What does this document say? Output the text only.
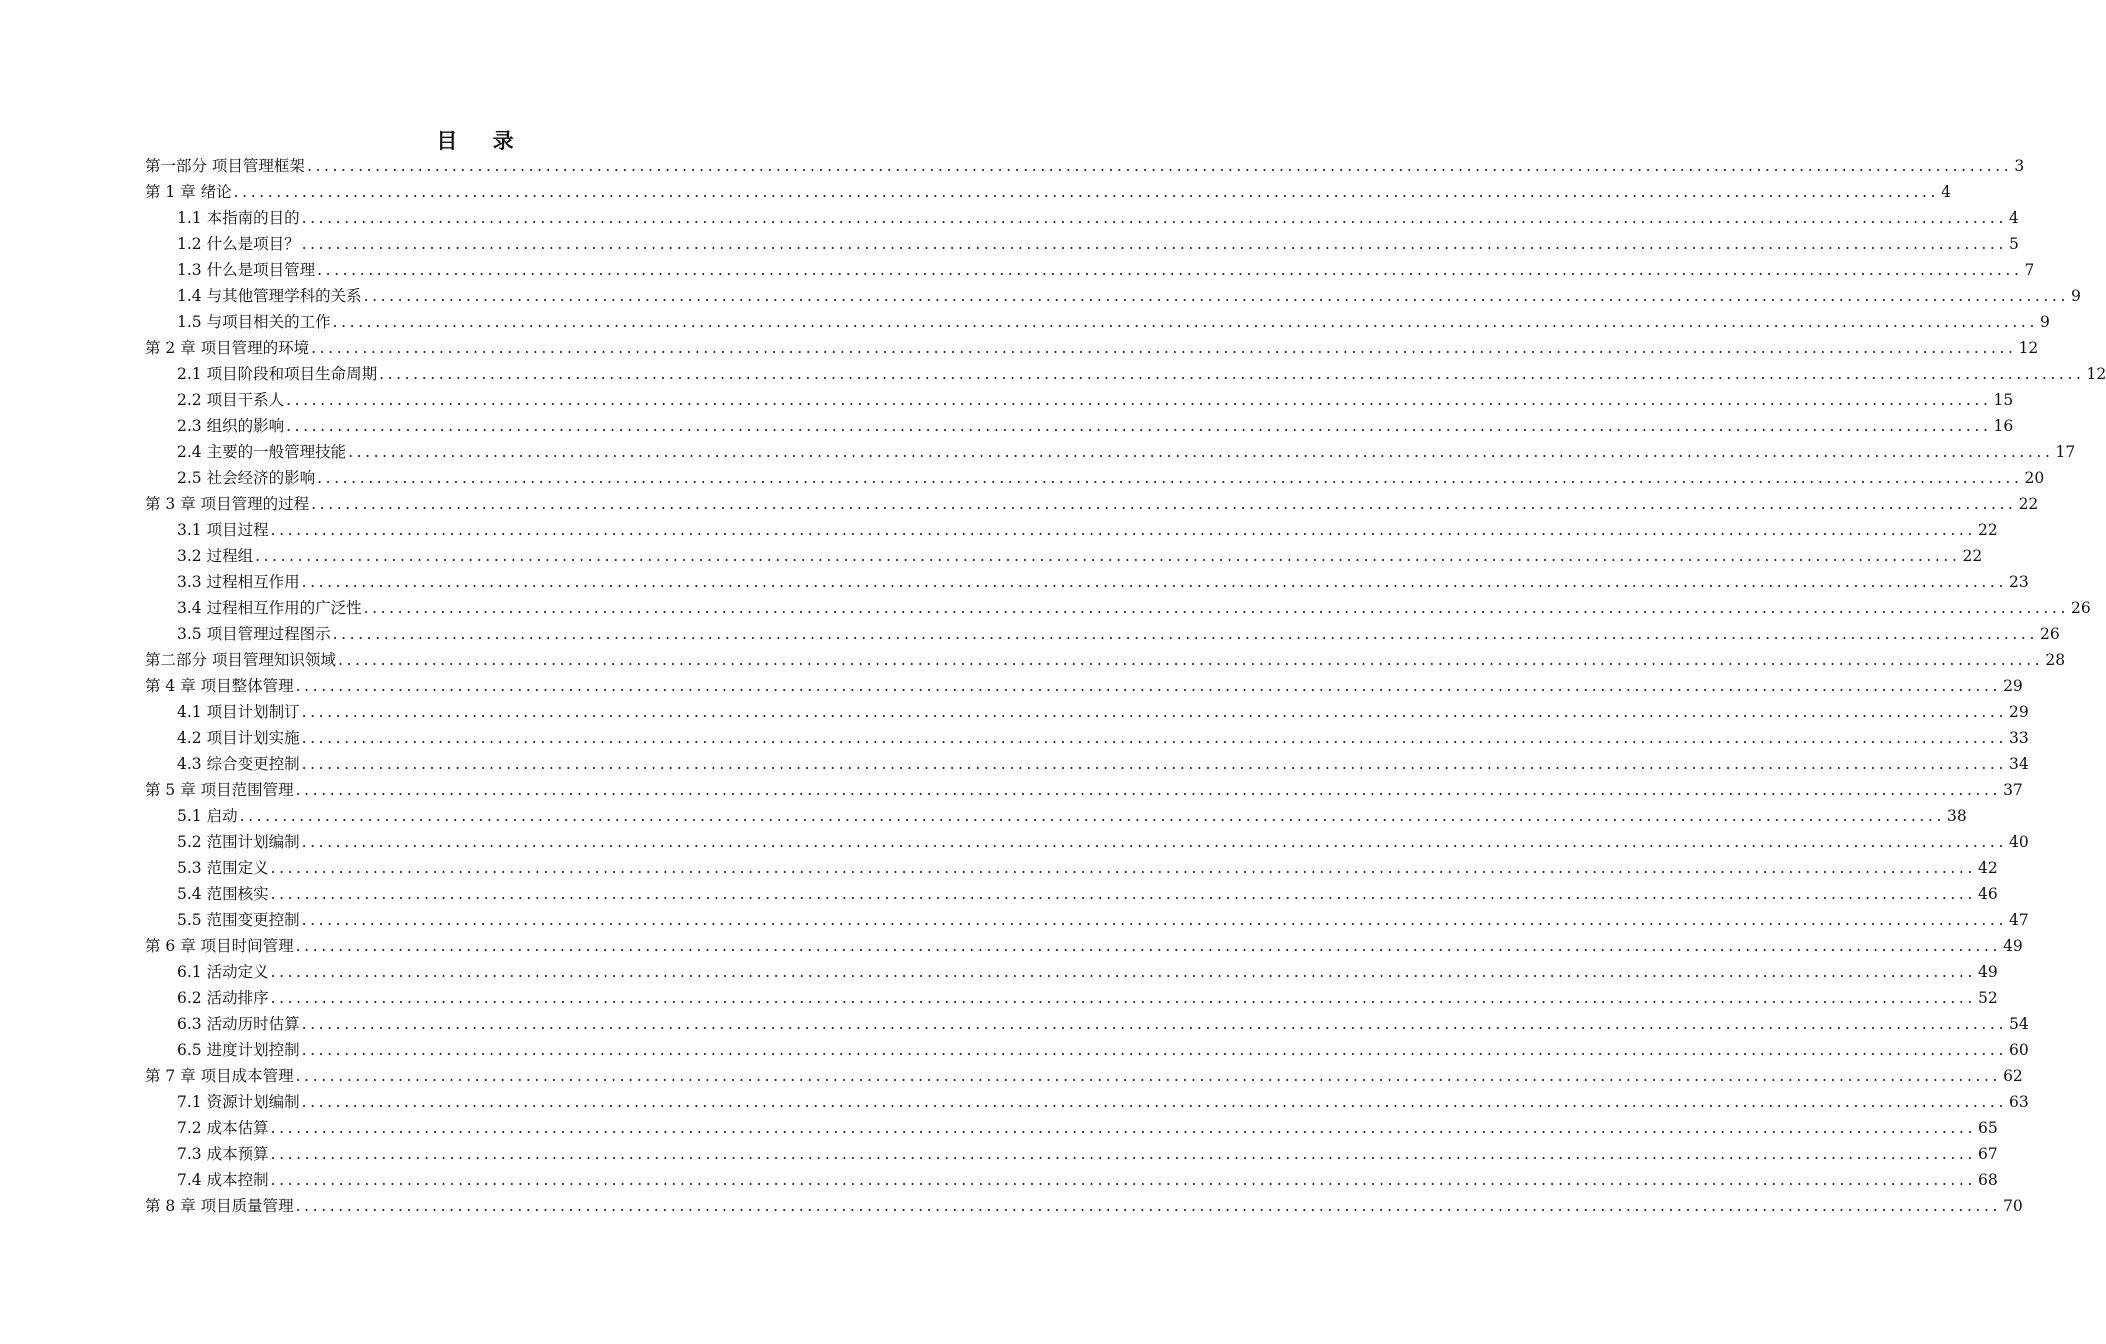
目 录
第一部分 项目管理框架 ........................................................................................................................................................................................................ 3
第 1 章 绪论 ........................................................................................................................................................................................................ 4
1.1 本指南的目的 ........................................................................................................................................................................................................ 4
1.2 什么是项目？ ........................................................................................................................................................................................................ 5
1.3 什么是项目管理 ........................................................................................................................................................................................................ 7
1.4 与其他管理学科的关系 ........................................................................................................................................................................................................ 9
1.5 与项目相关的工作 ........................................................................................................................................................................................................ 9
第 2 章 项目管理的环境 ........................................................................................................................................................................................................ 12
2.1 项目阶段和项目生命周期 ........................................................................................................................................................................................................ 12
2.2 项目干系人 ........................................................................................................................................................................................................ 15
2.3 组织的影响 ........................................................................................................................................................................................................ 16
2.4 主要的一般管理技能 ........................................................................................................................................................................................................ 17
2.5 社会经济的影响 ........................................................................................................................................................................................................ 20
第 3 章 项目管理的过程 ........................................................................................................................................................................................................ 22
3.1 项目过程 ........................................................................................................................................................................................................ 22
3.2 过程组 ........................................................................................................................................................................................................ 22
3.3 过程相互作用 ........................................................................................................................................................................................................ 23
3.4 过程相互作用的广泛性 ........................................................................................................................................................................................................ 26
3.5 项目管理过程图示 ........................................................................................................................................................................................................ 26
第二部分 项目管理知识领域 ........................................................................................................................................................................................................ 28
第 4 章 项目整体管理 ........................................................................................................................................................................................................ 29
4.1 项目计划制订 ........................................................................................................................................................................................................ 29
4.2 项目计划实施 ........................................................................................................................................................................................................ 33
4.3 综合变更控制 ........................................................................................................................................................................................................ 34
第 5 章 项目范围管理 ........................................................................................................................................................................................................ 37
5.1 启动 ........................................................................................................................................................................................................ 38
5.2 范围计划编制 ........................................................................................................................................................................................................ 40
5.3 范围定义 ........................................................................................................................................................................................................ 42
5.4 范围核实 ........................................................................................................................................................................................................ 46
5.5 范围变更控制 ........................................................................................................................................................................................................ 47
第 6 章 项目时间管理 ........................................................................................................................................................................................................ 49
6.1 活动定义 ........................................................................................................................................................................................................ 49
6.2 活动排序 ........................................................................................................................................................................................................ 52
6.3 活动历时估算 ........................................................................................................................................................................................................ 54
6.5 进度计划控制 ........................................................................................................................................................................................................ 60
第 7 章 项目成本管理 ........................................................................................................................................................................................................ 62
7.1 资源计划编制 ........................................................................................................................................................................................................ 63
7.2 成本估算 ........................................................................................................................................................................................................ 65
7.3 成本预算 ........................................................................................................................................................................................................ 67
7.4 成本控制 ........................................................................................................................................................................................................ 68
第 8 章 项目质量管理 ........................................................................................................................................................................................................ 70
